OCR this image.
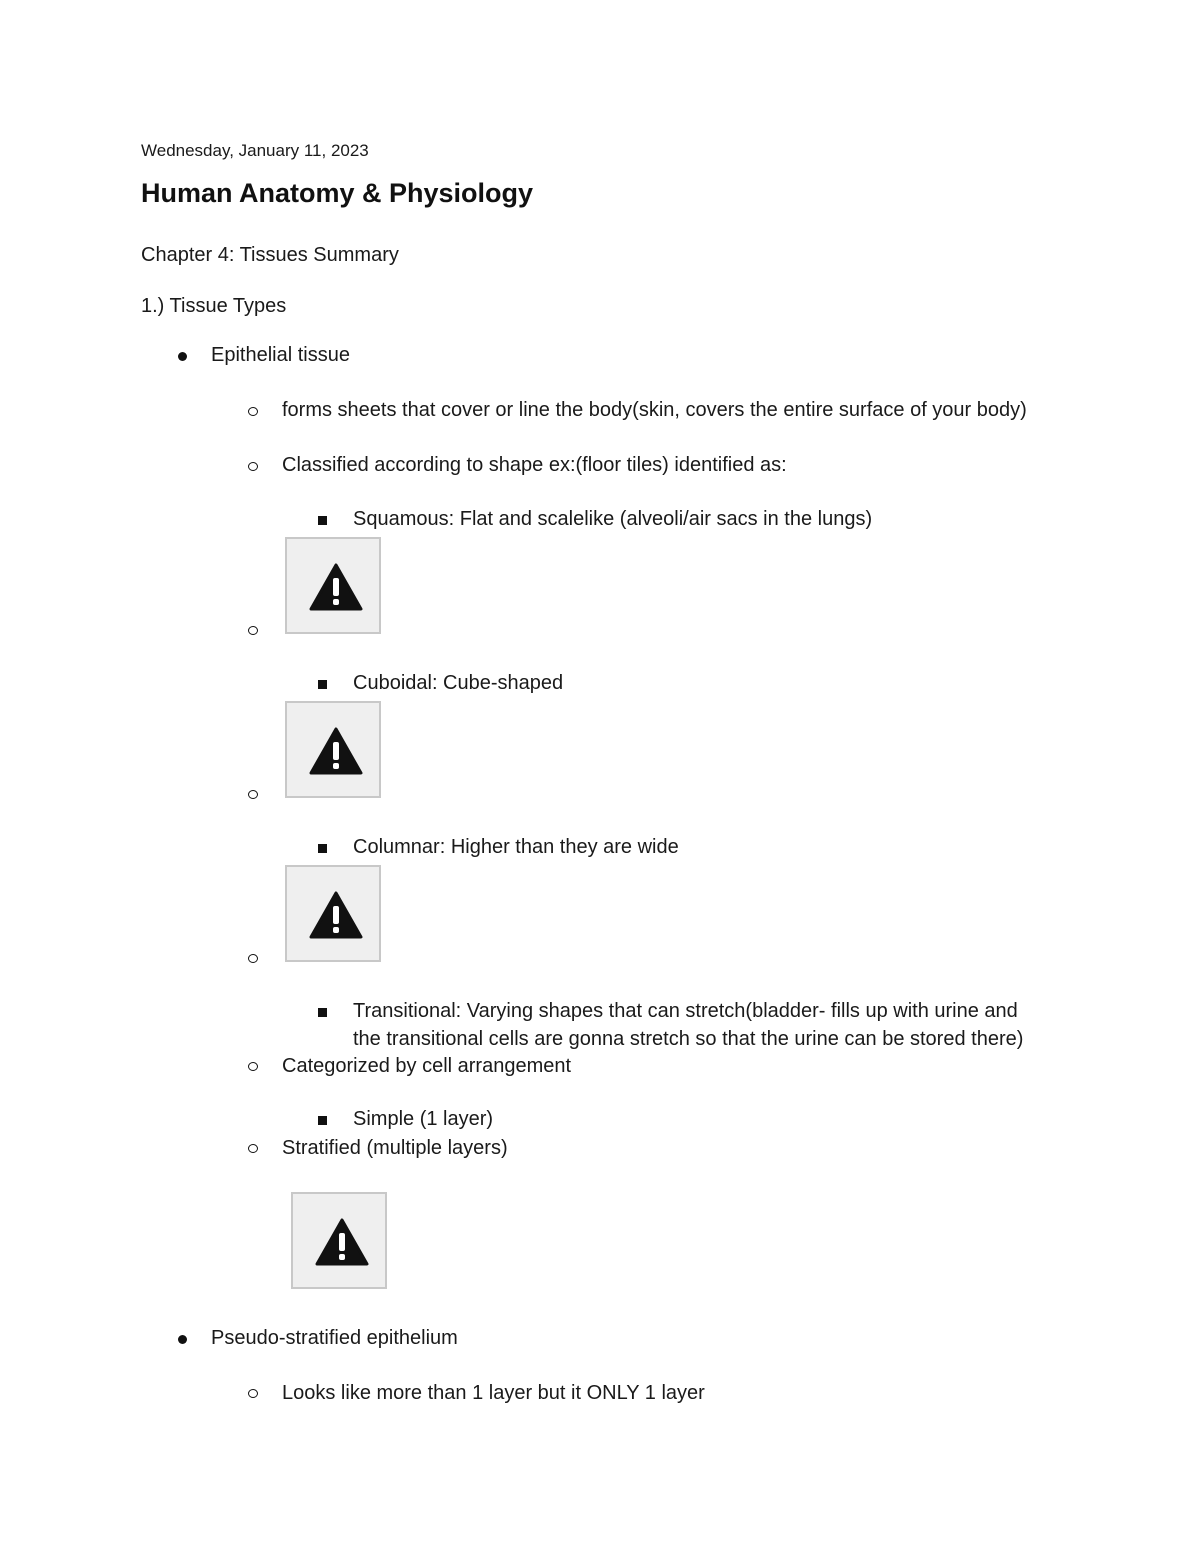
Wednesday, January 11, 2023
Human Anatomy & Physiology
Chapter 4: Tissues Summary
1.) Tissue Types
Epithelial tissue
forms sheets that cover or line the body(skin, covers the entire surface of your body)
Classified according to shape ex:(floor tiles) identified as:
Squamous: Flat and scalelike (alveoli/air sacs in the lungs)
Cuboidal: Cube-shaped
Columnar: Higher than they are wide
Transitional: Varying shapes that can stretch(bladder- fills up with urine and
the transitional cells are gonna stretch so that the urine can be stored there)
Categorized by cell arrangement
Simple (1 layer)
Stratified (multiple layers)
Pseudo-stratified epithelium
Looks like more than 1 layer but it ONLY 1 layer
